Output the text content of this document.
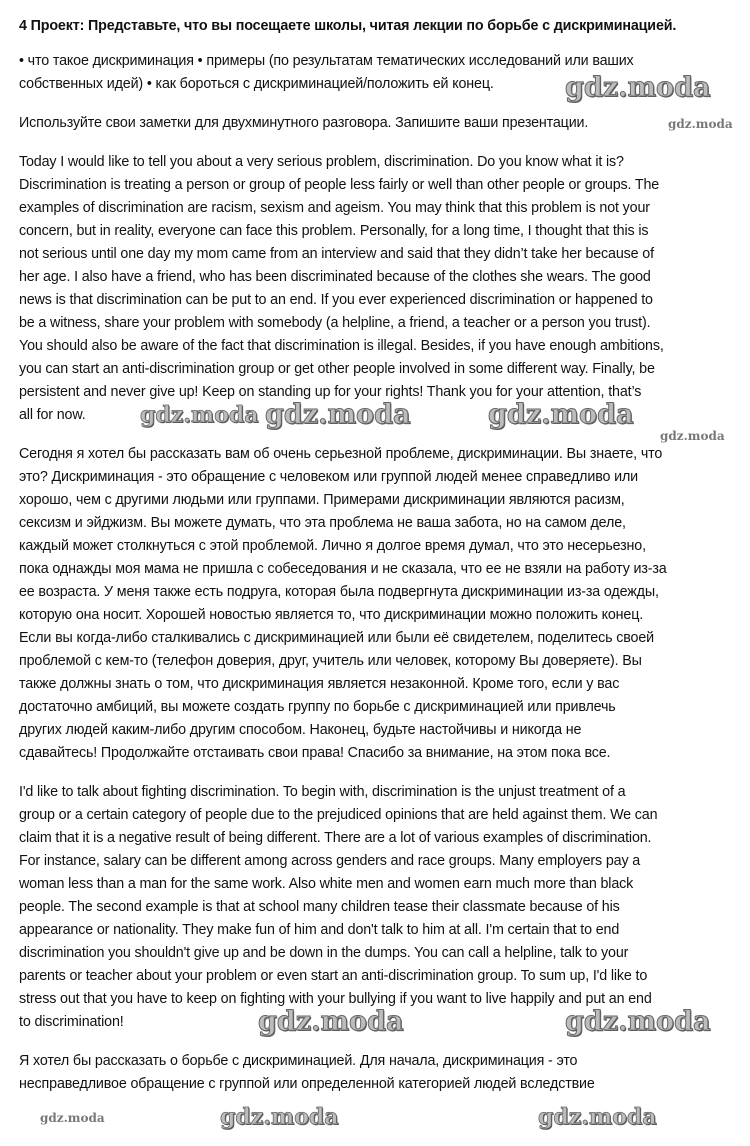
4 Проект: Представьте, что вы посещаете школы, читая лекции по борьбе с дискриминацией.
• что такое дискриминация • примеры (по результатам тематических исследований или ваших
собственных идей) • как бороться с дискриминацией/положить ей конец.
Используйте свои заметки для двухминутного разговора. Запишите ваши презентации.
Today I would like to tell you about a very serious problem, discrimination. Do you know what it is?
Discrimination is treating a person or group of people less fairly or well than other people or groups. The
examples of discrimination are racism, sexism and ageism. You may think that this problem is not your
concern, but in reality, everyone can face this problem. Personally, for a long time, I thought that this is
not serious until one day my mom came from an interview and said that they didn’t take her because of
her age. I also have a friend, who has been discriminated because of the clothes she wears. The good
news is that discrimination can be put to an end. If you ever experienced discrimination or happened to
be a witness, share your problem with somebody (a helpline, a friend, a teacher or a person you trust).
You should also be aware of the fact that discrimination is illegal. Besides, if you have enough ambitions,
you can start an anti-discrimination group or get other people involved in some different way. Finally, be
persistent and never give up! Keep on standing up for your rights! Thank you for your attention, that’s
all for now.
Сегодня я хотел бы рассказать вам об очень серьезной проблеме, дискриминации. Вы знаете, что
это? Дискриминация - это обращение с человеком или группой людей менее справедливо или
хорошо, чем с другими людьми или группами. Примерами дискриминации являются расизм,
сексизм и эйджизм. Вы можете думать, что эта проблема не ваша забота, но на самом деле,
каждый может столкнуться с этой проблемой. Лично я долгое время думал, что это несерьезно,
пока однажды моя мама не пришла с собеседования и не сказала, что ее не взяли на работу из-за
ее возраста. У меня также есть подруга, которая была подвергнута дискриминации из-за одежды,
которую она носит. Хорошей новостью является то, что дискриминации можно положить конец.
Если вы когда-либо сталкивались с дискриминацией или были её свидетелем, поделитесь своей
проблемой с кем-то (телефон доверия, друг, учитель или человек, которому Вы доверяете). Вы
также должны знать о том, что дискриминация является незаконной. Кроме того, если у вас
достаточно амбиций, вы можете создать группу по борьбе с дискриминацией или привлечь
других людей каким-либо другим способом. Наконец, будьте настойчивы и никогда не
сдавайтесь! Продолжайте отстаивать свои права! Спасибо за внимание, на этом пока все.
I'd like to talk about fighting discrimination. To begin with, discrimination is the unjust treatment of a
group or a certain category of people due to the prejudiced opinions that are held against them. We can
claim that it is a negative result of being different. There are a lot of various examples of discrimination.
For instance, salary can be different among across genders and race groups. Many employers pay a
woman less than a man for the same work. Also white men and women earn much more than black
people. The second example is that at school many children tease their classmate because of his
appearance or nationality. They make fun of him and don't talk to him at all. I'm certain that to end
discrimination you shouldn't give up and be down in the dumps. You can call a helpline, talk to your
parents or teacher about your problem or even start an anti-discrimination group. To sum up, I'd like to
stress out that you have to keep on fighting with your bullying if you want to live happily and put an end
to discrimination!
Я хотел бы рассказать о борьбе с дискриминацией. Для начала, дискриминация - это
несправедливое обращение с группой или определенной категорией людей вследствие
gdz.moda
gdz.moda
gdz.moda gdz.moda	gdz.moda
gdz.moda
gdz.moda	gdz.moda
gdz.moda	gdz.moda	gdz.moda
